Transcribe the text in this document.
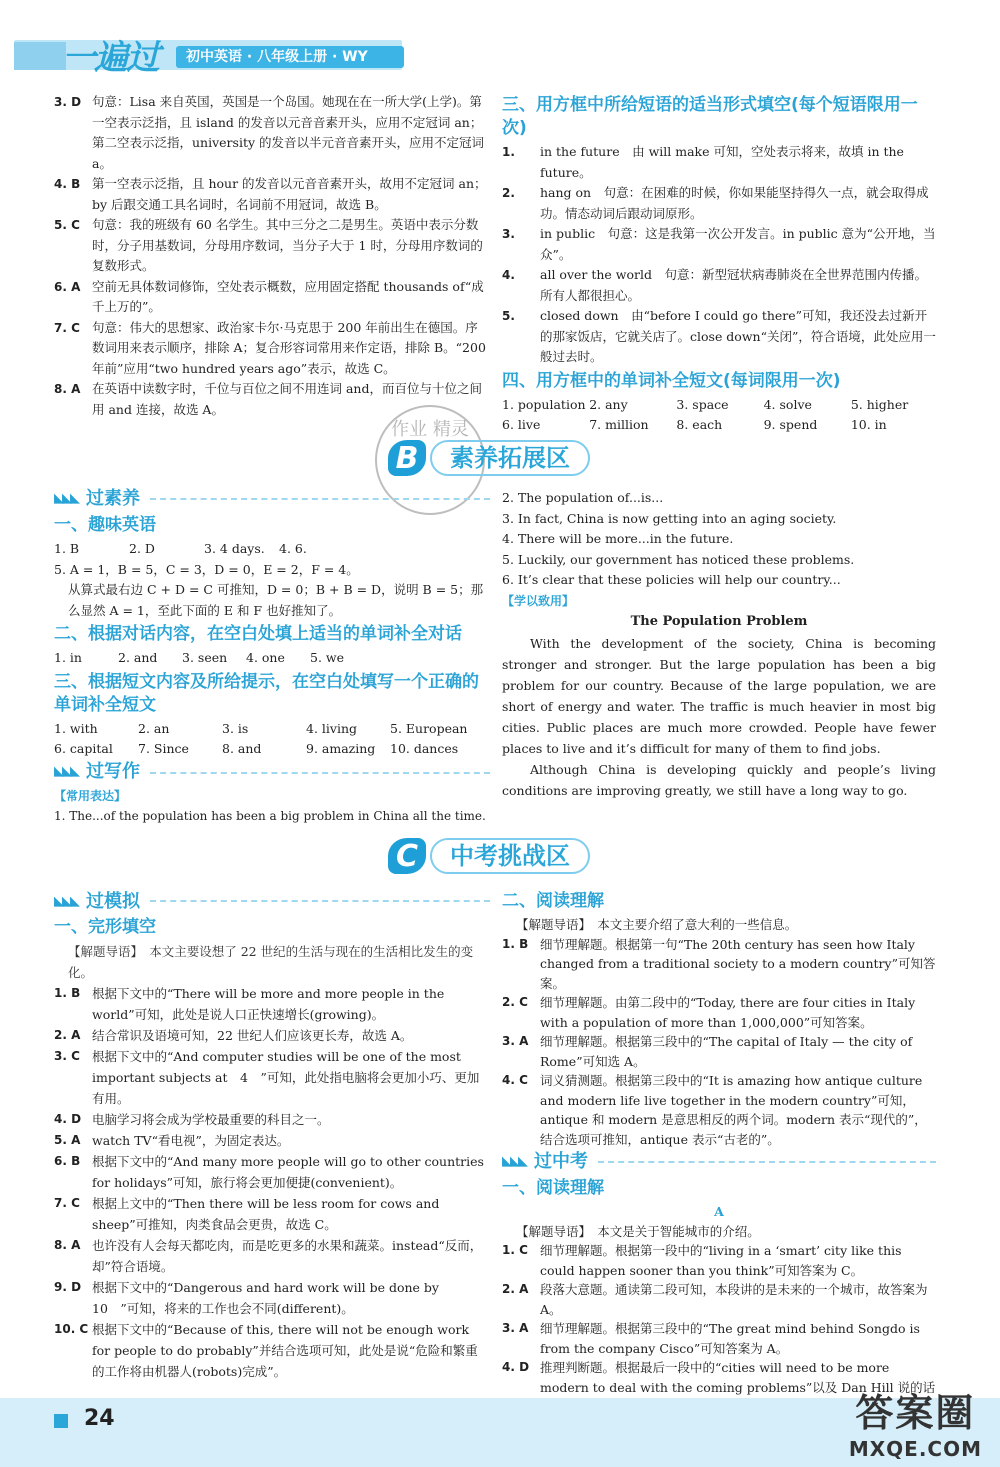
一遍过	初中英语 · 八年级上册 · WY
3. D 句意：Lisa 来自英国，英国是一个岛国。她现在在一所大学(上学)。第一空表示泛指，且 island 的发音以元音音素开头，应用不定冠词 an；第二空表示泛指，university 的发音以半元音音素开头，应用不定冠词 a。
4. B 第一空表示泛指，且 hour 的发音以元音音素开头，故用不定冠词 an；by 后跟交通工具名词时，名词前不用冠词，故选 B。
5. C 句意：我的班级有 60 名学生。其中三分之二是男生。英语中表示分数时，分子用基数词，分母用序数词，当分子大于 1 时，分母用序数词的复数形式。
6. A 空前无具体数词修饰，空处表示概数，应用固定搭配 thousands of“成千上万的”。
7. C 句意：伟大的思想家、政治家卡尔·马克思于 200 年前出生在德国。序数词用来表示顺序，排除 A；复合形容词常用来作定语，排除 B。“200 年前”应用“two hundred years ago”表示，故选 C。
8. A 在英语中读数字时，千位与百位之间不用连词 and，而百位与十位之间用 and 连接，故选 A。
三、用方框中所给短语的适当形式填空(每个短语限用一次)
1.	in the future　由 will make 可知，空处表示将来，故填 in the future。
2.	hang on　句意：在困难的时候，你如果能坚持得久一点，就会取得成功。情态动词后跟动词原形。
3.	in public　句意：这是我第一次公开发言。in public 意为“公开地，当众”。
4.	all over the world　句意：新型冠状病毒肺炎在全世界范围内传播。所有人都很担心。
5.	closed down　由“before I could go there”可知，我还没去过新开的那家饭店，它就关店了。close down“关闭”，符合语境，此处应用一般过去时。
四、用方框中的单词补全短文(每词限用一次)
1. population 2. any	3. space	4. solve	5. higher
6. live	7. million	8. each	9. spend	10. in
作业 精灵
B	素养拓展区
◣◣◣ 过素养
一、趣味英语
1. B	2. D	3. 4 days.	4. 6.
5. A = 1，B = 5，C = 3，D = 0，E = 2，F = 4。
从算式最右边 C + D = C 可推知，D = 0；B + B = D，说明 B = 5；那么显然 A = 1，至此下面的 E 和 F 也好推知了。
二、根据对话内容，在空白处填上适当的单词补全对话
1. in	2. and	3. seen	4. one	5. we
三、根据短文内容及所给提示，在空白处填写一个正确的单词补全短文
1. with	2. an	3. is	4. living	5. European
6. capital	7. Since	8. and	9. amazing	10. dances
◣◣◣ 过写作
【常用表达】
1. The...of the population has been a big problem in China all the time.
2. The population of...is...
3. In fact, China is now getting into an aging society.
4. There will be more...in the future.
5. Luckily, our government has noticed these problems.
6. It’s clear that these policies will help our country...
【学以致用】
The Population Problem
With the development of the society, China is becoming stronger and stronger. But the large population has been a big problem for our country. Because of the large population, we are short of energy and water. The traffic is much heavier in most big cities. Public places are much more crowded. People have fewer places to live and it’s difficult for many of them to find jobs.
Although China is developing quickly and people’s living conditions are improving greatly, we still have a long way to go.
C	中考挑战区
◣◣◣ 过模拟
一、完形填空
【解题导语】　本文主要设想了 22 世纪的生活与现在的生活相比发生的变化。
1. B 根据下文中的“There will be more and more people in the world”可知，此处是说人口正快速增长(growing)。
2. A 结合常识及语境可知，22 世纪人们应该更长寿，故选 A。
3. C 根据下文中的“And computer studies will be one of the most important subjects at　4　”可知，此处指电脑将会更加小巧、更加有用。
4. D 电脑学习将会成为学校最重要的科目之一。
5. A watch TV“看电视”，为固定表达。
6. B 根据下文中的“And many more people will go to other countries for holidays”可知，旅行将会更加便捷(convenient)。
7. C 根据上文中的“Then there will be less room for cows and sheep”可推知，肉类食品会更贵，故选 C。
8. A 也许没有人会每天都吃肉，而是吃更多的水果和蔬菜。instead“反而，却”符合语境。
9. D 根据下文中的“Dangerous and hard work will be done by　10　”可知，将来的工作也会不同(different)。
10. C 根据下文中的“Because of this, there will not be enough work for people to do probably”并结合选项可知，此处是说“危险和繁重的工作将由机器人(robots)完成”。
二、阅读理解
【解题导语】　本文主要介绍了意大利的一些信息。
1. B 细节理解题。根据第一句“The 20th century has seen how Italy changed from a traditional society to a modern country”可知答案。
2. C 细节理解题。由第二段中的“Today, there are four cities in Italy with a population of more than 1,000,000”可知答案。
3. A 细节理解题。根据第三段中的“The capital of Italy — the city of Rome”可知选 A。
4. C 词义猜测题。根据第三段中的“It is amazing how antique culture and modern life live together in the modern country”可知，antique 和 modern 是意思相反的两个词。modern 表示“现代的”，结合选项可推知，antique 表示“古老的”。
◣◣◣ 过中考
一、阅读理解
A
【解题导语】　本文是关于智能城市的介绍。
1. C 细节理解题。根据第一段中的“living in a ‘smart’ city like this could happen sooner than you think”可知答案为 C。
2. A 段落大意题。通读第二段可知，本段讲的是未来的一个城市，故答案为 A。
3. A 细节理解题。根据第三段中的“The great mind behind Songdo is from the company Cisco”可知答案为 A。
4. D 推理判断题。根据最后一段中的“cities will need to be more modern to deal with the coming problems”以及 Dan Hill 说的话
24	答案圈
MXQE.COM
